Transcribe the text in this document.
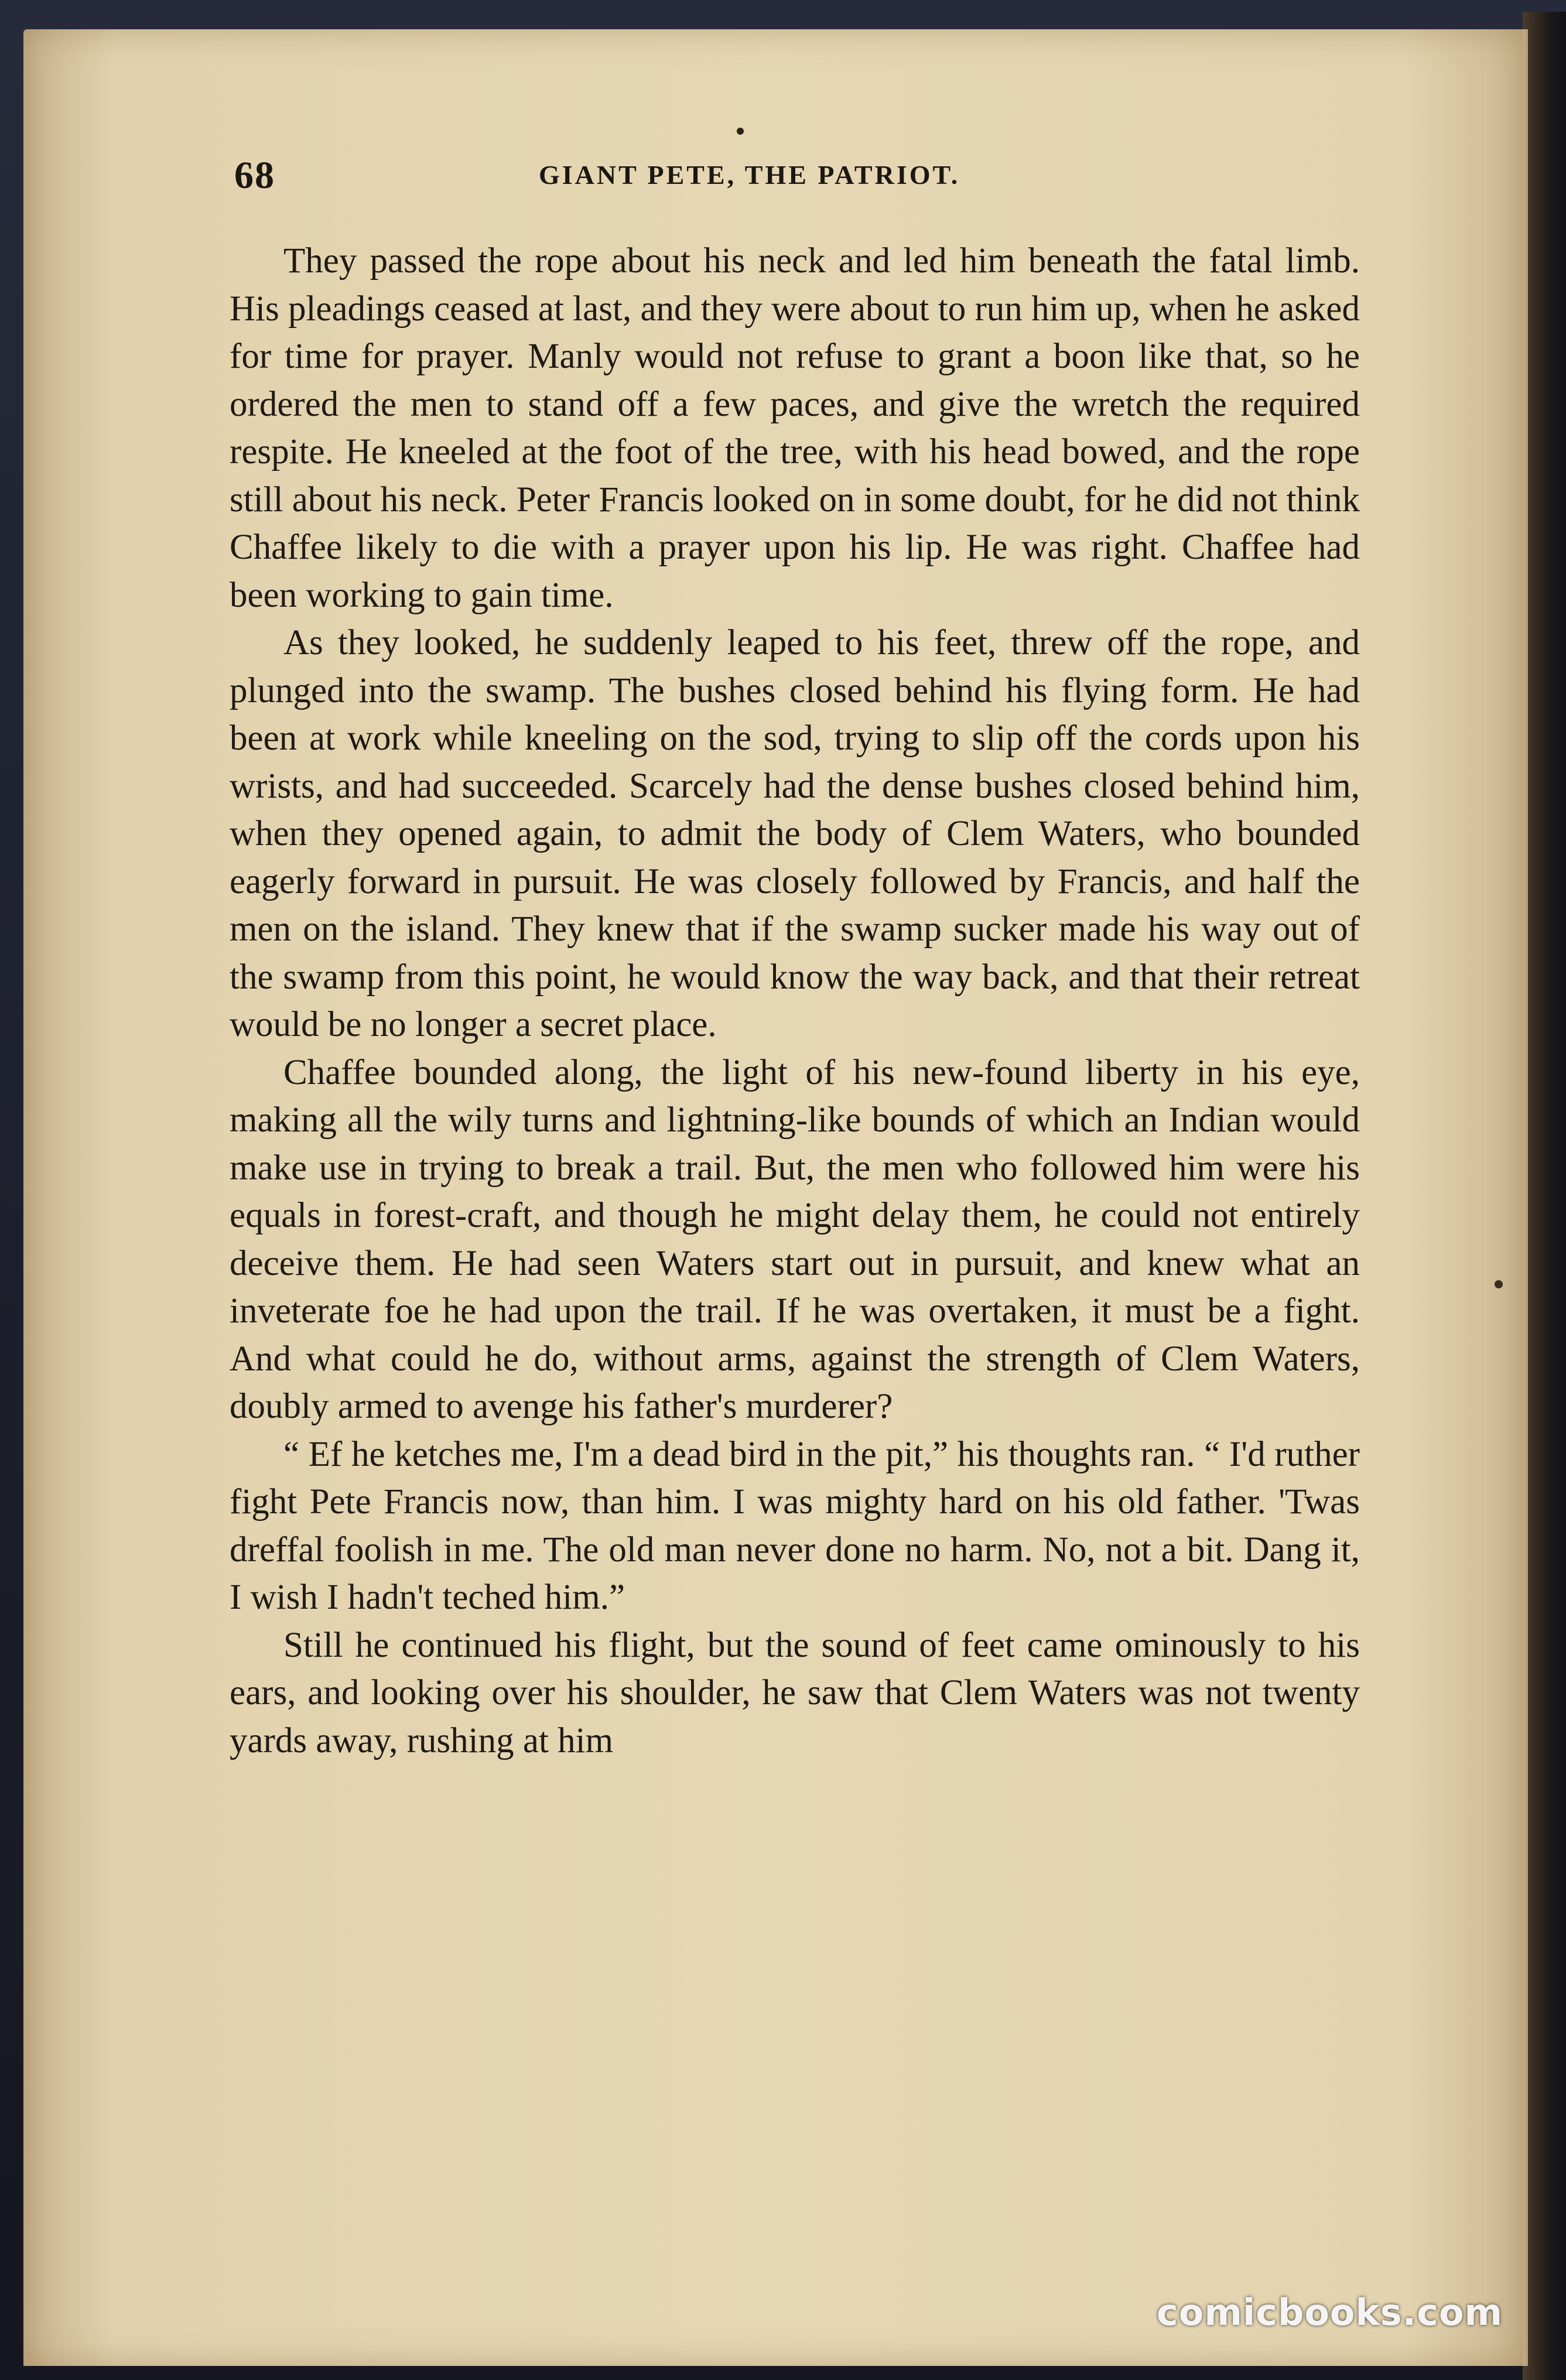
68	GIANT PETE, THE PATRIOT.

They passed the rope about his neck and led him beneath the fatal limb. His pleadings ceased at last, and they were about to run him up, when he asked for time for prayer. Manly would not refuse to grant a boon like that, so he ordered the men to stand off a few paces, and give the wretch the required respite. He kneeled at the foot of the tree, with his head bowed, and the rope still about his neck. Peter Francis looked on in some doubt, for he did not think Chaffee likely to die with a prayer upon his lip. He was right. Chaffee had been working to gain time.

As they looked, he suddenly leaped to his feet, threw off the rope, and plunged into the swamp. The bushes closed behind his flying form. He had been at work while kneeling on the sod, trying to slip off the cords upon his wrists, and had succeeded. Scarcely had the dense bushes closed behind him, when they opened again, to admit the body of Clem Waters, who bounded eagerly forward in pursuit. He was closely followed by Francis, and half the men on the island. They knew that if the swamp sucker made his way out of the swamp from this point, he would know the way back, and that their retreat would be no longer a secret place.

Chaffee bounded along, the light of his new-found liberty in his eye, making all the wily turns and lightning-like bounds of which an Indian would make use in trying to break a trail. But, the men who followed him were his equals in forest-craft, and though he might delay them, he could not entirely deceive them. He had seen Waters start out in pursuit, and knew what an inveterate foe he had upon the trail. If he was overtaken, it must be a fight. And what could he do, without arms, against the strength of Clem Waters, doubly armed to avenge his father's murderer?

“ Ef he ketches me, I'm a dead bird in the pit,” his thoughts ran. “ I'd ruther fight Pete Francis now, than him. I was mighty hard on his old father. 'Twas dreffal foolish in me. The old man never done no harm. No, not a bit. Dang it, I wish I hadn't teched him.”

Still he continued his flight, but the sound of feet came ominously to his ears, and looking over his shoulder, he saw that Clem Waters was not twenty yards away, rushing at him

comicbooks.com
